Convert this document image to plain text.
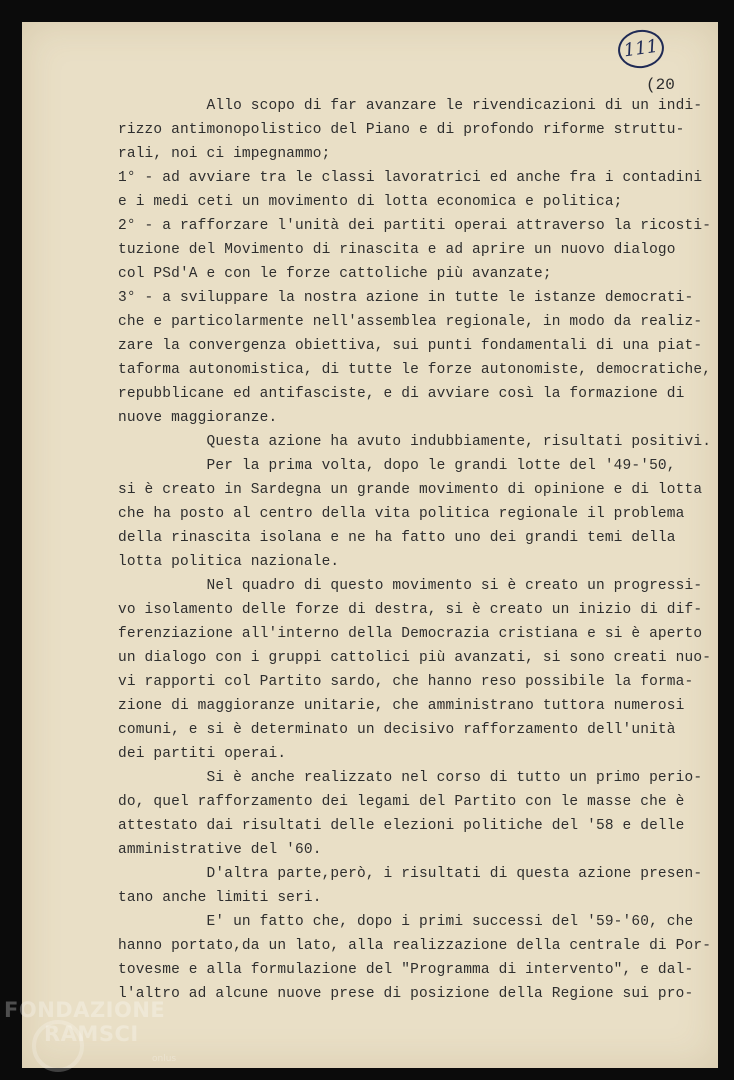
111
(20
Allo scopo di far avanzare le rivendicazioni di un indi-
rizzo antimonopolistico del Piano e di profondo riforme struttu-
rali, noi ci impegnammo;
1° - ad avviare tra le classi lavoratrici ed anche fra i contadini
e i medi ceti un movimento di lotta economica e politica;
2° - a rafforzare l'unità dei partiti operai attraverso la ricosti-
tuzione del Movimento di rinascita e ad aprire un nuovo dialogo
col PSd'A e con le forze cattoliche più avanzate;
3° - a sviluppare la nostra azione in tutte le istanze democrati-
che e particolarmente nell'assemblea regionale, in modo da realiz-
zare la convergenza obiettiva, sui punti fondamentali di una piat-
taforma autonomistica, di tutte le forze autonomiste, democratiche,
repubblicane ed antifasciste, e di avviare così la formazione di
nuove maggioranze.
Questa azione ha avuto indubbiamente, risultati positivi.
Per la prima volta, dopo le grandi lotte del '49-'50,
si è creato in Sardegna un grande movimento di opinione e di lotta
che ha posto al centro della vita politica regionale il problema
della rinascita isolana e ne ha fatto uno dei grandi temi della
lotta politica nazionale.
Nel quadro di questo movimento si è creato un progressi-
vo isolamento delle forze di destra, si è creato un inizio di dif-
ferenziazione all'interno della Democrazia cristiana e si è aperto
un dialogo con i gruppi cattolici più avanzati, si sono creati nuo-
vi rapporti col Partito sardo, che hanno reso possibile la forma-
zione di maggioranze unitarie, che amministrano tuttora numerosi
comuni, e si è determinato un decisivo rafforzamento dell'unità
dei partiti operai.
Si è anche realizzato nel corso di tutto un primo perio-
do, quel rafforzamento dei legami del Partito con le masse che è
attestato dai risultati delle elezioni politiche del '58 e delle
amministrative del '60.
D'altra parte,però, i risultati di questa azione presen-
tano anche limiti seri.
E' un fatto che, dopo i primi successi del '59-'60, che
hanno portato,da un lato, alla realizzazione della centrale di Por-
tovesme e alla formulazione del "Programma di intervento", e dal-
l'altro ad alcune nuove prese di posizione della Regione sui pro-
FONDAZIONE
RAMSCI
onlus
